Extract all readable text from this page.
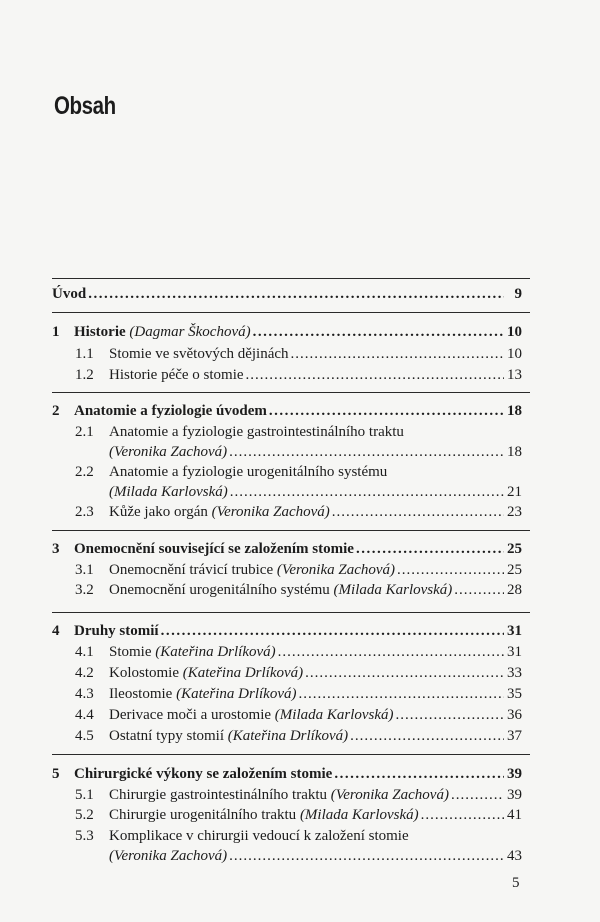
Obsah
Úvod .....	9
1 Historie (Dagmar Škochová) .....	10
1.1 Stomie ve světových dějinách .....	10
1.2 Historie péče o stomie .....	13
2 Anatomie a fyziologie úvodem .....	18
2.1 Anatomie a fyziologie gastrointestinálního traktu
(Veronika Zachová) .....	18
2.2 Anatomie a fyziologie urogenitálního systému
(Milada Karlovská) .....	21
2.3 Kůže jako orgán (Veronika Zachová) .....	23
3 Onemocnění související se založením stomie .....	25
3.1 Onemocnění trávicí trubice (Veronika Zachová) .....	25
3.2 Onemocnění urogenitálního systému (Milada Karlovská) .....	28
4 Druhy stomií .....	31
4.1 Stomie (Kateřina Drlíková) .....	31
4.2 Kolostomie (Kateřina Drlíková) .....	33
4.3 Ileostomie (Kateřina Drlíková) .....	35
4.4 Derivace moči a urostomie (Milada Karlovská) .....	36
4.5 Ostatní typy stomií (Kateřina Drlíková) .....	37
5 Chirurgické výkony se založením stomie .....	39
5.1 Chirurgie gastrointestinálního traktu (Veronika Zachová) .....	39
5.2 Chirurgie urogenitálního traktu (Milada Karlovská) .....	41
5.3 Komplikace v chirurgii vedoucí k založení stomie
(Veronika Zachová) .....	43
5
